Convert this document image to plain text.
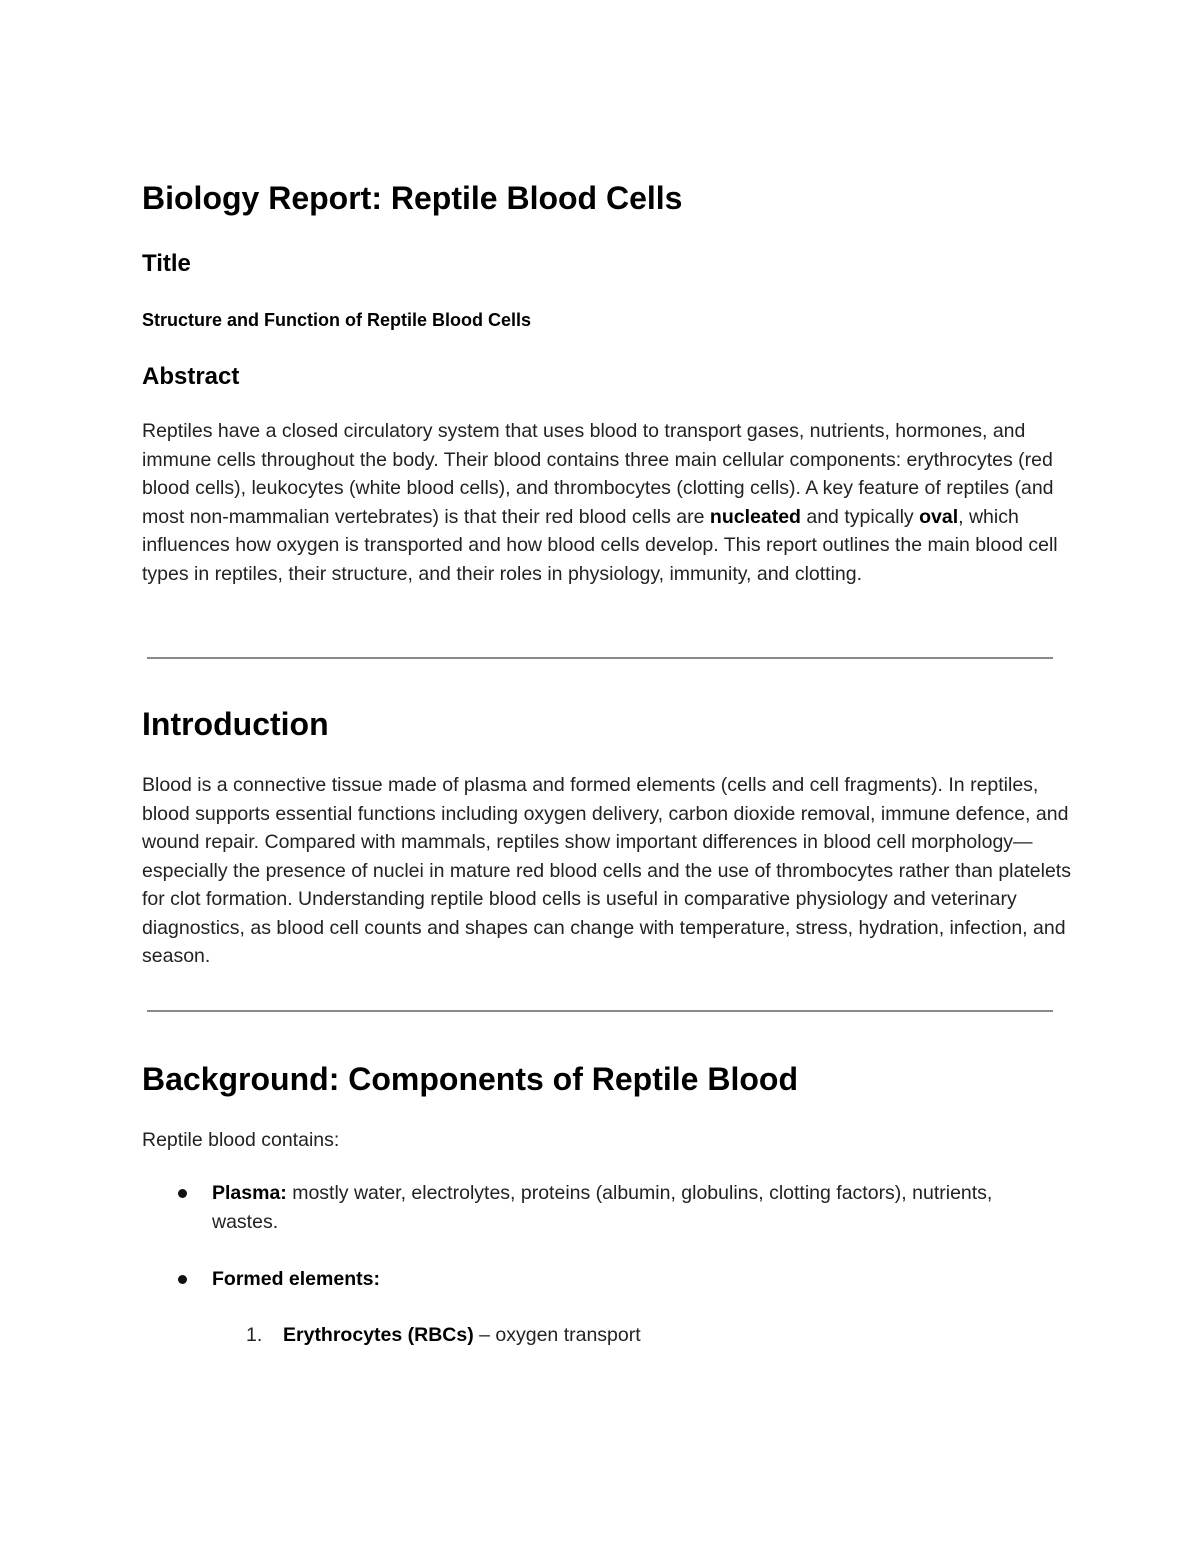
Biology Report: Reptile Blood Cells
Title
Structure and Function of Reptile Blood Cells
Abstract

Reptiles have a closed circulatory system that uses blood to transport gases, nutrients, hormones, and immune cells throughout the body. Their blood contains three main cellular components: erythrocytes (red blood cells), leukocytes (white blood cells), and thrombocytes (clotting cells). A key feature of reptiles (and most non-mammalian vertebrates) is that their red blood cells are nucleated and typically oval, which influences how oxygen is transported and how blood cells develop. This report outlines the main blood cell types in reptiles, their structure, and their roles in physiology, immunity, and clotting.

Introduction

Blood is a connective tissue made of plasma and formed elements (cells and cell fragments). In reptiles, blood supports essential functions including oxygen delivery, carbon dioxide removal, immune defence, and wound repair. Compared with mammals, reptiles show important differences in blood cell morphology—especially the presence of nuclei in mature red blood cells and the use of thrombocytes rather than platelets for clot formation. Understanding reptile blood cells is useful in comparative physiology and veterinary diagnostics, as blood cell counts and shapes can change with temperature, stress, hydration, infection, and season.

Background: Components of Reptile Blood

Reptile blood contains:

Plasma: mostly water, electrolytes, proteins (albumin, globulins, clotting factors), nutrients, wastes.

Formed elements:

1. Erythrocytes (RBCs) – oxygen transport
